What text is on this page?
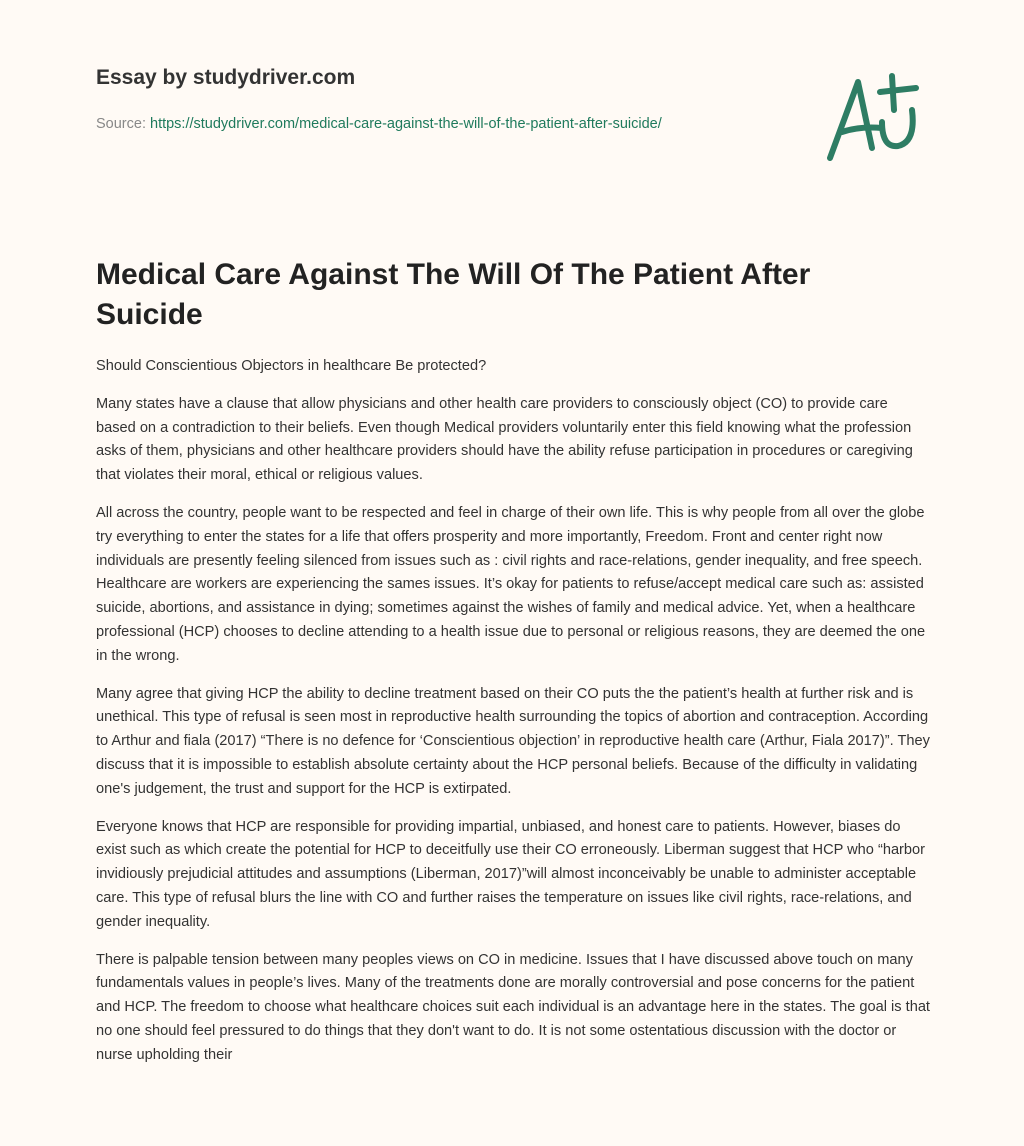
Essay by studydriver.com

Source: https://studydriver.com/medical-care-against-the-will-of-the-patient-after-suicide/
Medical Care Against The Will Of The Patient After Suicide

Should Conscientious Objectors in healthcare Be protected?

Many states have a clause that allow physicians and other health care providers to consciously object (CO) to provide care based on a contradiction to their beliefs. Even though Medical providers voluntarily enter this field knowing what the profession asks of them, physicians and other healthcare providers should have the ability refuse participation in procedures or caregiving that violates their moral, ethical or religious values.

All across the country, people want to be respected and feel in charge of their own life. This is why people from all over the globe try everything to enter the states for a life that offers prosperity and more importantly, Freedom. Front and center right now individuals are presently feeling silenced from issues such as : civil rights and race-relations, gender inequality, and free speech. Healthcare are workers are experiencing the sames issues. It’s okay for patients to refuse/accept medical care such as: assisted suicide, abortions, and assistance in dying; sometimes against the wishes of family and medical advice. Yet, when a healthcare professional (HCP) chooses to decline attending to a health issue due to personal or religious reasons, they are deemed the one in the wrong.

Many agree that giving HCP the ability to decline treatment based on their CO puts the the patient’s health at further risk and is unethical. This type of refusal is seen most in reproductive health surrounding the topics of abortion and contraception. According to Arthur and fiala (2017) “There is no defence for ‘Conscientious objection’ in reproductive health care (Arthur, Fiala 2017)”. They discuss that it is impossible to establish absolute certainty about the HCP personal beliefs. Because of the difficulty in validating one's judgement, the trust and support for the HCP is extirpated.

Everyone knows that HCP are responsible for providing impartial, unbiased, and honest care to patients. However, biases do exist such as which create the potential for HCP to deceitfully use their CO erroneously. Liberman suggest that HCP who “harbor invidiously prejudicial attitudes and assumptions (Liberman, 2017)”will almost inconceivably be unable to administer acceptable care. This type of refusal blurs the line with CO and further raises the temperature on issues like civil rights, race-relations, and gender inequality.

There is palpable tension between many peoples views on CO in medicine. Issues that I have discussed above touch on many fundamentals values in people’s lives. Many of the treatments done are morally controversial and pose concerns for the patient and HCP. The freedom to choose what healthcare choices suit each individual is an advantage here in the states. The goal is that no one should feel pressured to do things that they don't want to do. It is not some ostentatious discussion with the doctor or nurse upholding their
